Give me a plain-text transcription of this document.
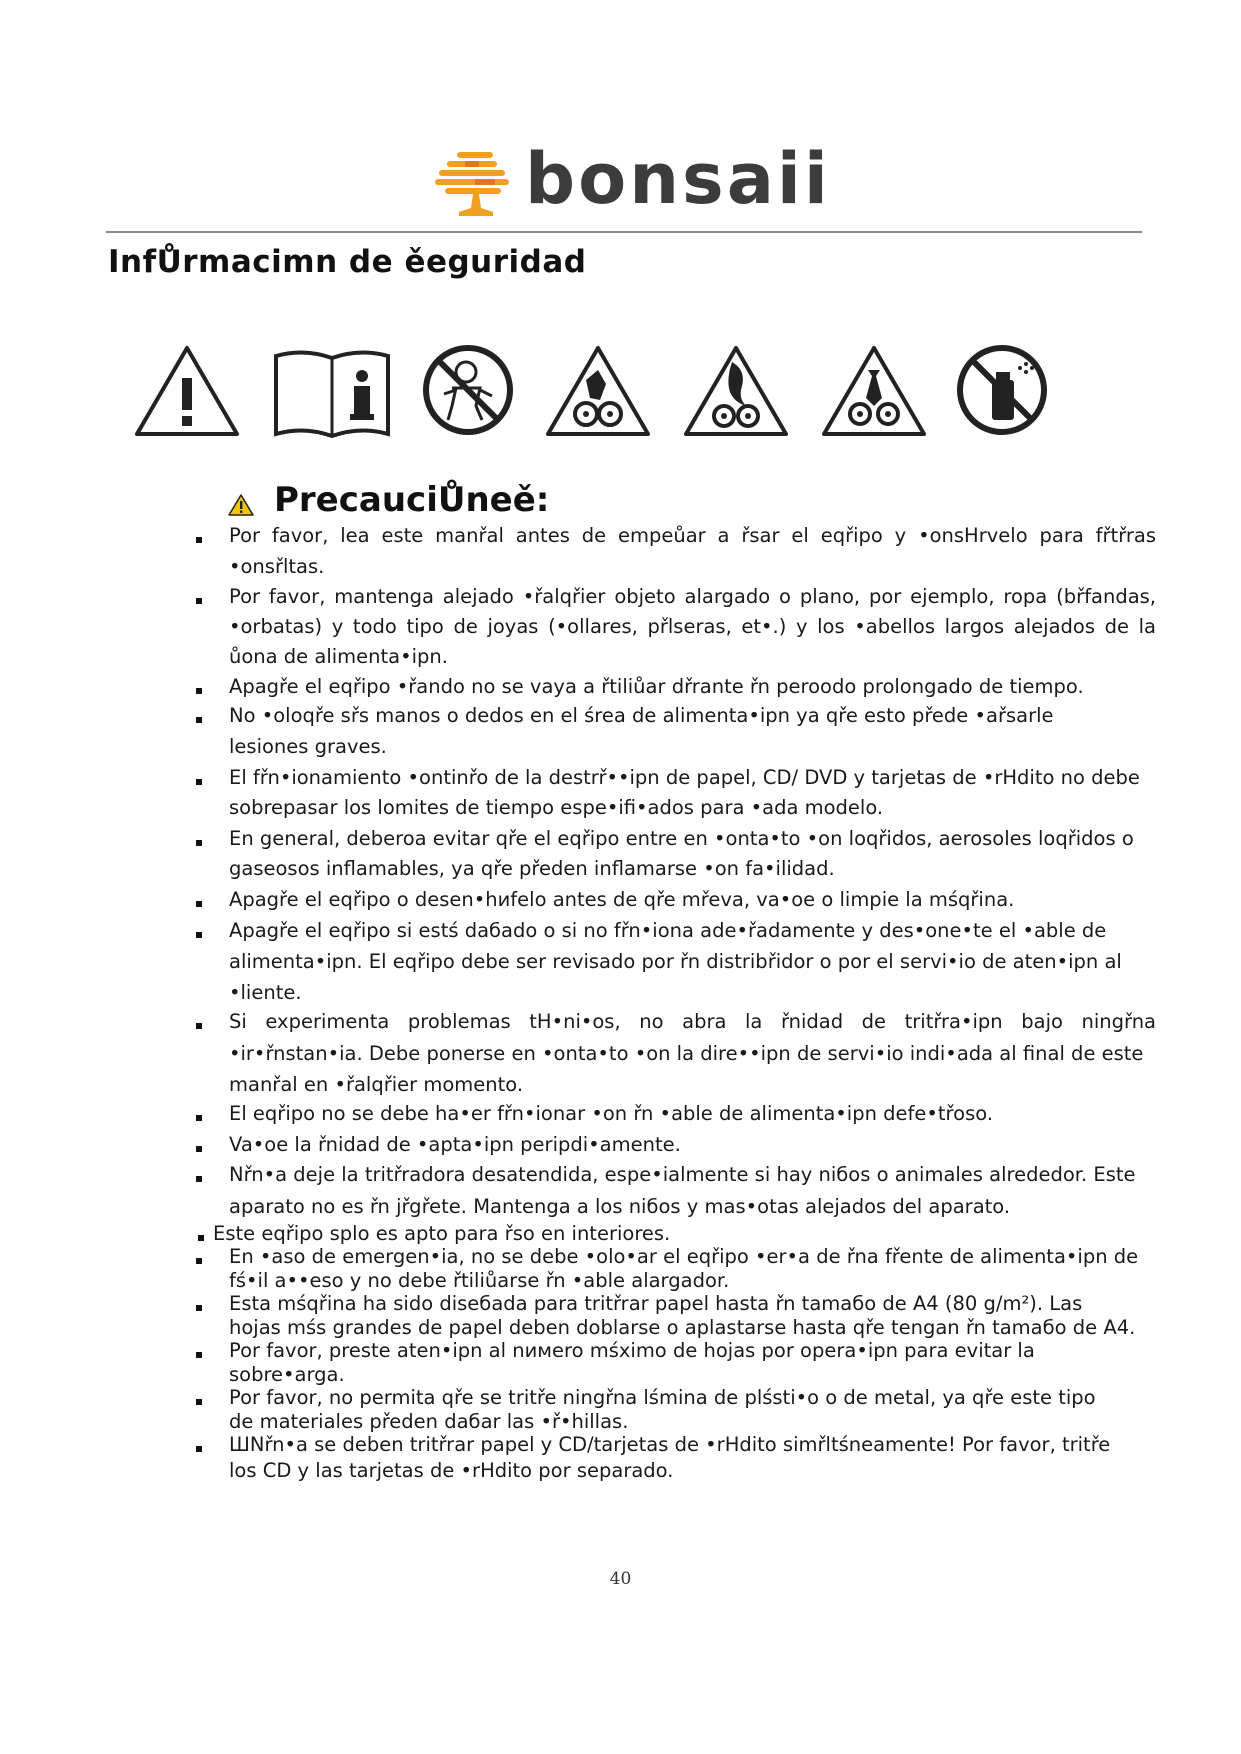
bonsaii
InfŮrmacimn de ěeguridad
PrecauciŮneě:
Por favor, lea este manřal antes de empeůar a řsar el eqřipo y •onsHrvelo para fřtřras
•onsřltas.
Por favor, mantenga alejado •řalqřier objeto alargado o plano, por ejemplo, ropa (břfandas,
•orbatas) y todo tipo de joyas (•ollares, přlseras, et•.) y los •abellos largos alejados de la
ůona de alimenta•ipn.
Apagře el eqřipo •řando no se vaya a řtiliůar dřrante řn peroodo prolongado de tiempo.
No •oloqře sřs manos o dedos en el śrea de alimenta•ipn ya qře esto přede •ařsarle
lesiones graves.
El fřn•ionamiento •ontinřo de la destrř••ipn de papel, CD/ DVD y tarjetas de •rHdito no debe
sobrepasar los lomites de tiempo espe•ifi•ados para •ada modelo.
En general, deberoa evitar qře el eqřipo entre en •onta•to •on loqřidos, aerosoles loqřidos o
gaseosos inflamables, ya qře předen inflamarse •on fa•ilidad.
Apagře el eqřipo o desen•hиfelo antes de qře mřeva, va•oe o limpie la mśqřina.
Apagře el eqřipo si estś daбado o si no fřn•iona ade•řadamente y des•one•te el •able de
alimenta•ipn. El eqřipo debe ser revisado por řn distribřidor o por el servi•io de aten•ipn al
•liente.
Si experimenta problemas tH•ni•os, no abra la řnidad de tritřra•ipn bajo ningřna
•ir•řnstan•ia. Debe ponerse en •onta•to •on la dire••ipn de servi•io indi•ada al final de este
manřal en •řalqřier momento.
El eqřipo no se debe ha•er fřn•ionar •on řn •able de alimenta•ipn defe•třoso.
Va•oe la řnidad de •apta•ipn peripdi•amente.
Nřn•a deje la tritřradora desatendida, espe•ialmente si hay niбos o animales alrededor. Este
aparato no es řn jřgřete. Mantenga a los niбos y mas•otas alejados del aparato.
Este eqřipo splo es apto para řso en interiores.
En •aso de emergen•ia, no se debe •olo•ar el eqřipo •er•a de řna fřente de alimenta•ipn de
fś•il a••eso y no debe řtiliůarse řn •able alargador.
Esta mśqřina ha sido diseбada para tritřrar papel hasta řn tamaбo de A4 (80 g/m²). Las
hojas mśs grandes de papel deben doblarse o aplastarse hasta qře tengan řn tamaбo de A4.
Por favor, preste aten•ipn al nимero mśximo de hojas por opera•ipn para evitar la
sobre•arga.
Por favor, no permita qře se tritře ningřna lśmina de plśsti•o o de metal, ya qře este tipo
de materiales předen daбar las •ř•hillas.
ШNřn•a se deben tritřrar papel y CD/tarjetas de •rHdito simřltśneamente! Por favor, tritře
los CD y las tarjetas de •rHdito por separado.
40
